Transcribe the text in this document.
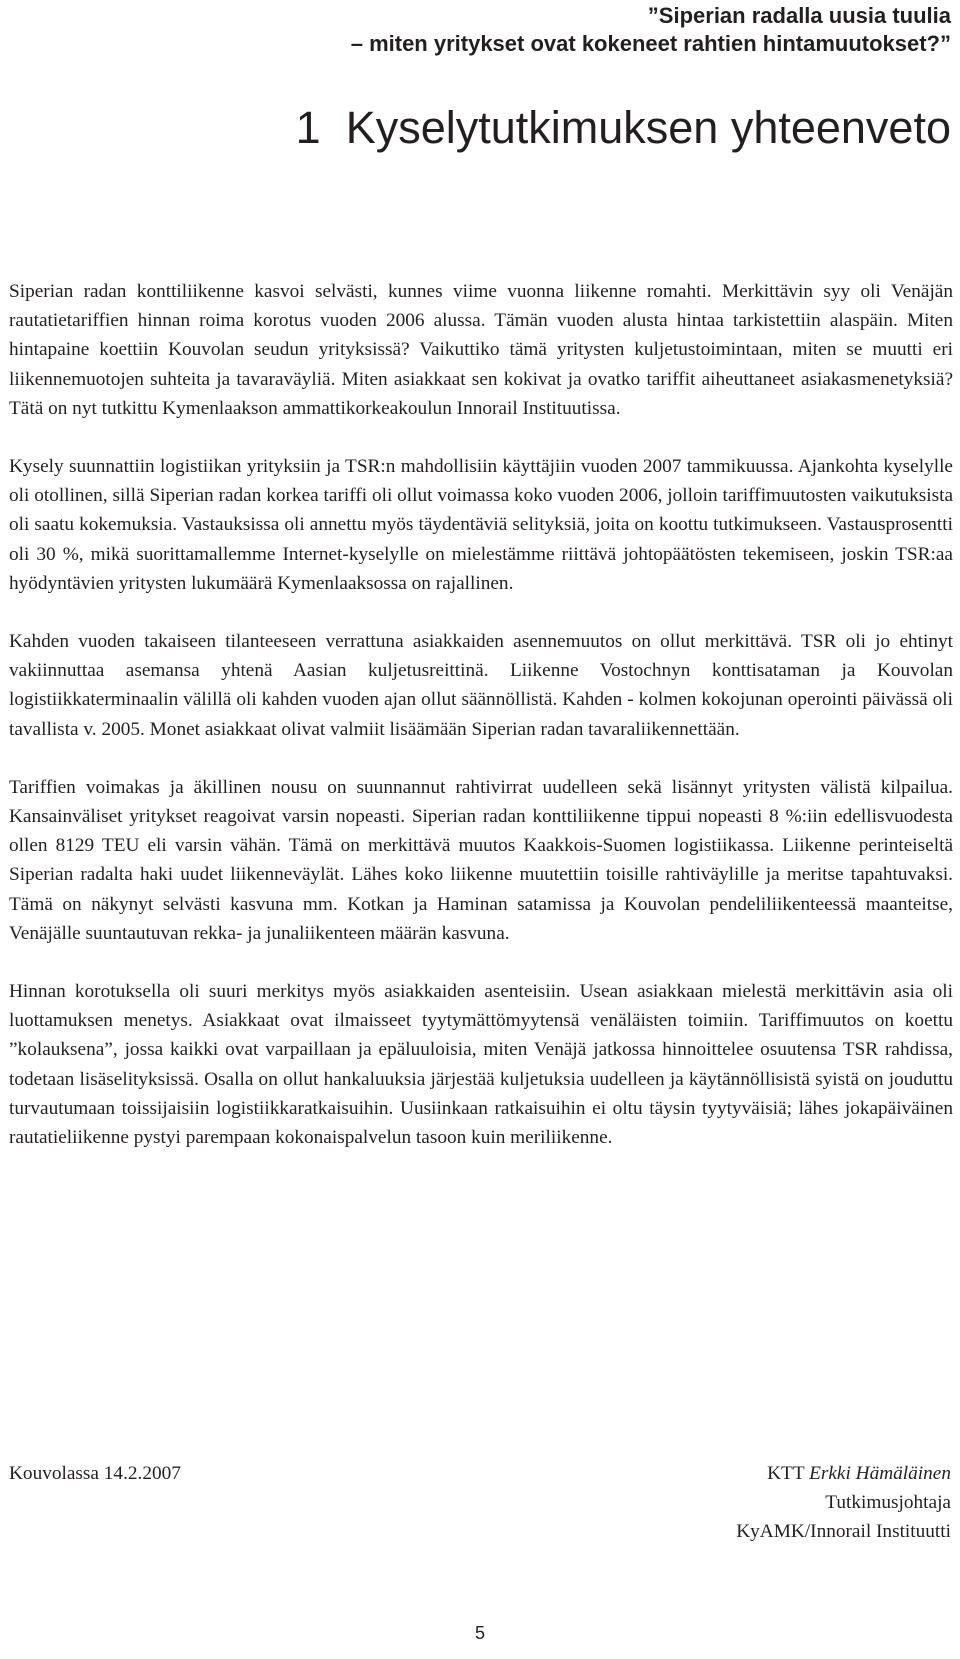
”Siperian radalla uusia tuulia
– miten yritykset ovat kokeneet rahtien hintamuutokset?”
1 Kyselytutkimuksen yhteenveto

Siperian radan konttiliikenne kasvoi selvästi, kunnes viime vuonna liikenne romahti. Merkittävin syy oli Venäjän rautatietariffien hinnan roima korotus vuoden 2006 alussa. Tämän vuoden alusta hintaa tarkistettiin alaspäin. Miten hintapaine koettiin Kouvolan seudun yrityksissä? Vaikuttiko tämä yritysten kuljetustoimintaan, miten se muutti eri liikennemuotojen suhteita ja tavaraväyliä. Miten asiakkaat sen kokivat ja ovatko tariffit aiheuttaneet asiakasmenetyksiä? Tätä on nyt tutkittu Kymenlaakson ammattikorkeakoulun Innorail Instituutissa.

Kysely suunnattiin logistiikan yrityksiin ja TSR:n mahdollisiin käyttäjiin vuoden 2007 tammikuussa. Ajankohta kyselylle oli otollinen, sillä Siperian radan korkea tariffi oli ollut voimassa koko vuoden 2006, jolloin tariffimuutosten vaikutuksista oli saatu kokemuksia. Vastauksissa oli annettu myös täydentäviä selityksiä, joita on koottu tutkimukseen. Vastausprosentti oli 30 %, mikä suorittamallemme Internet-kyselylle on mielestämme riittävä johtopäätösten tekemiseen, joskin TSR:aa hyödyntävien yritysten lukumäärä Kymenlaaksossa on rajallinen.

Kahden vuoden takaiseen tilanteeseen verrattuna asiakkaiden asennemuutos on ollut merkittävä. TSR oli jo ehtinyt vakiinnuttaa asemansa yhtenä Aasian kuljetusreittinä. Liikenne Vostochnyn konttisataman ja Kouvolan logistiikkaterminaalin välillä oli kahden vuoden ajan ollut säännöllistä. Kahden - kolmen kokojunan operointi päivässä oli tavallista v. 2005. Monet asiakkaat olivat valmiit lisäämään Siperian radan tavaraliikennettään.

Tariffien voimakas ja äkillinen nousu on suunnannut rahtivirrat uudelleen sekä lisännyt yritysten välistä kilpailua. Kansainväliset yritykset reagoivat varsin nopeasti. Siperian radan konttiliikenne tippui nopeasti 8 %:iin edellisvuodesta ollen 8129 TEU eli varsin vähän. Tämä on merkittävä muutos Kaakkois-Suomen logistiikassa. Liikenne perinteiseltä Siperian radalta haki uudet liikenneväylät. Lähes koko liikenne muutettiin toisille rahtiväylille ja meritse tapahtuvaksi. Tämä on näkynyt selvästi kasvuna mm. Kotkan ja Haminan satamissa ja Kouvolan pendeliliikenteessä maanteitse, Venäjälle suuntautuvan rekka- ja junaliikenteen määrän kasvuna.

Hinnan korotuksella oli suuri merkitys myös asiakkaiden asenteisiin. Usean asiakkaan mielestä merkittävin asia oli luottamuksen menetys. Asiakkaat ovat ilmaisseet tyytymättömyytensä venäläisten toimiin. Tariffimuutos on koettu ”kolauksena”, jossa kaikki ovat varpaillaan ja epäluuloisia, miten Venäjä jatkossa hinnoittelee osuutensa TSR rahdissa, todetaan lisäselityksissä. Osalla on ollut hankaluuksia järjestää kuljetuksia uudelleen ja käytännöllisistä syistä on jouduttu turvautumaan toissijaisiin logistiikkaratkaisuihin. Uusiinkaan ratkaisuihin ei oltu täysin tyytyväisiä; lähes jokapäiväinen rautatieliikenne pystyi parempaan kokonaispalvelun tasoon kuin meriliikenne.

Kouvolassa 14.2.2007	KTT Erkki Hämäläinen
Tutkimusjohtaja
KyAMK/Innorail Instituutti
5
